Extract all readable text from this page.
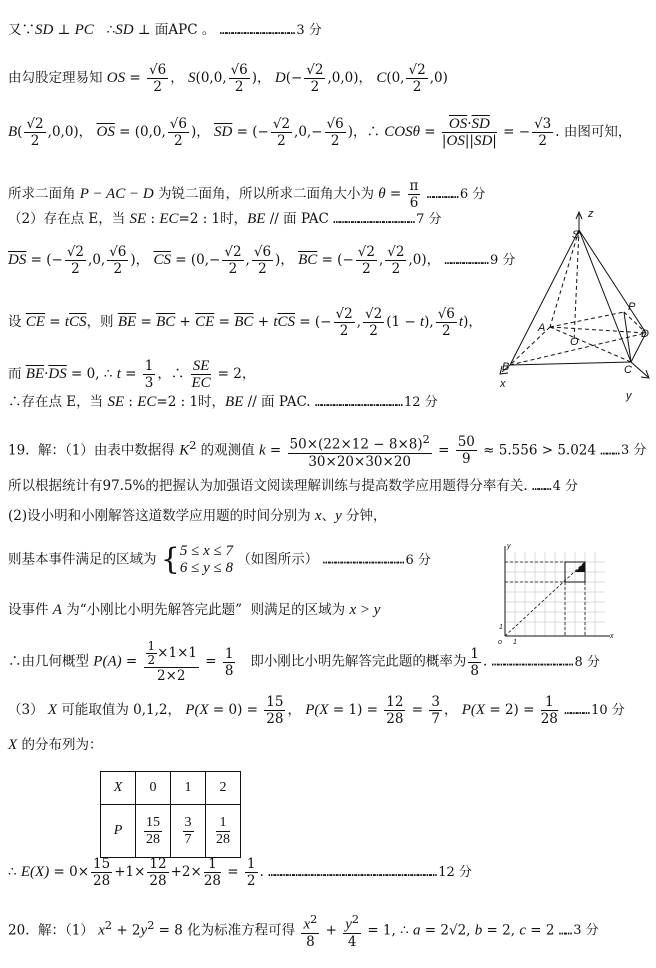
又∵SD ⊥ PC   ∴SD ⊥ 面APC 。 ……………………………… 3 分
由勾股定理易知 OS = $\frac{√6}{2}$ ， S(0,0, $\frac{√6}{2}$ )， $D(- \frac{√2}{2} ,0,0)$， C(0, $\frac{√2}{2} ,0$)
$B( \frac{√2}{2} ,0,0)$， $\overline{OS} = (0,0$, $\frac{√6}{2}$ )， $\overline{SD}$ = (− $\frac{√2}{2} ,0,- \frac{√6}{2}$ )，∴ $COS\theta = \frac{\overline{OS}\cdot\overline{SD}}{|\overline{OS}||\overline{SD}|}$ = − $\frac{√3}{2}$ . 由图可知，
所求二面角 P − AC − D 为锐二面角，所以所求二面角大小为 $\theta = \frac{\pi}{6}$ …………… 6 分
（2）存在点 E，当 SE : EC=2 : 1时，BE // 面 PAC ………………………………… 7 分
$\overline{DS}$ = (− $\frac{√2}{2} ,0$, $\frac{√6}{2}$ )， $\overline{CS} = (0,- \frac{√2}{2}$ , $\frac{√6}{2}$ )， $\overline{BC}$ = (− $\frac{√2}{2}$ , $\frac{√2}{2} ,0$)， ………………… 9 分
设 $\overline{CE} = t\overline{CS}$，则 $\overline{BE} = \overline{BC} + \overline{CE} = \overline{BC} + t\overline{CS}$ = (− $\frac{√2}{2}$ , $\frac{√2}{2} (1 - t)$, $\frac{√6}{2} t$)，
而 $\overline{BE}\cdot\overline{DS} = 0$, ∴ $t = \frac{1}{3}$ ，∴ $\frac{SE}{EC} = 2$，
∴存在点 E，当 SE : EC=2 : 1时，BE // 面 PAC. …………………………………… 12 分
19.  解：（1）由表中数据得 $K^2$ 的观测值 $k = \frac{50\times(22\times 12 - 8\times 8)^2}{30\times 20\times 30\times 20} = \frac{50}{9} \approx 5.556 > 5.024$ ……… 3 分
所以根据统计有97.5%的把握认为加强语文阅读理解训练与提高数学应用题得分率有关. ……… 4 分
(2)设小明和小刚解答这道数学应用题的时间分别为 x、y 分钟，
则基本事件满足的区域为 { 5 ≤ x ≤ 7
6 ≤ y ≤ 8
（如图所示） ………………………………… 6 分
设事件 A 为“小刚比小明先解答完此题”  则满足的区域为 x > y
∴由几何概型 $P(A) = \frac{\frac{1}{2} \times 1\times 1}{2\times 2} = \frac{1}{8}$ 即小刚比小明先解答完此题的概率为 $\frac{1}{8}$ . ………………………………… 8 分
（3） X 可能取值为 0,1,2， $P(X = 0) = \frac{15}{28}$ ， $P(X = 1) = \frac{12}{28} = \frac{3}{7}$ ， $P(X = 2) = \frac{1}{28}$ ………… 10 分
X 的分布列为：
X	0	1	2
P	$\frac{15}{28}$	$\frac{3}{7}$	$\frac{1}{28}$
∴ $E(X) = 0\times \frac{15}{28} +1\times \frac{12}{28} +2\times \frac{1}{28} = \frac{1}{2}$ . ……………………………………………………………………… 12 分
20.  解：（1） $x^2 + 2y^2 = 8$ 化为标准方程可得 $\frac{x^2}{8} + \frac{y^2}{4} = 1$, ∴ a = 2√2, b = 2, c = 2 …… 3 分
z
S
A
O
P
D
B	C
x
y
y
x
o 1
1
